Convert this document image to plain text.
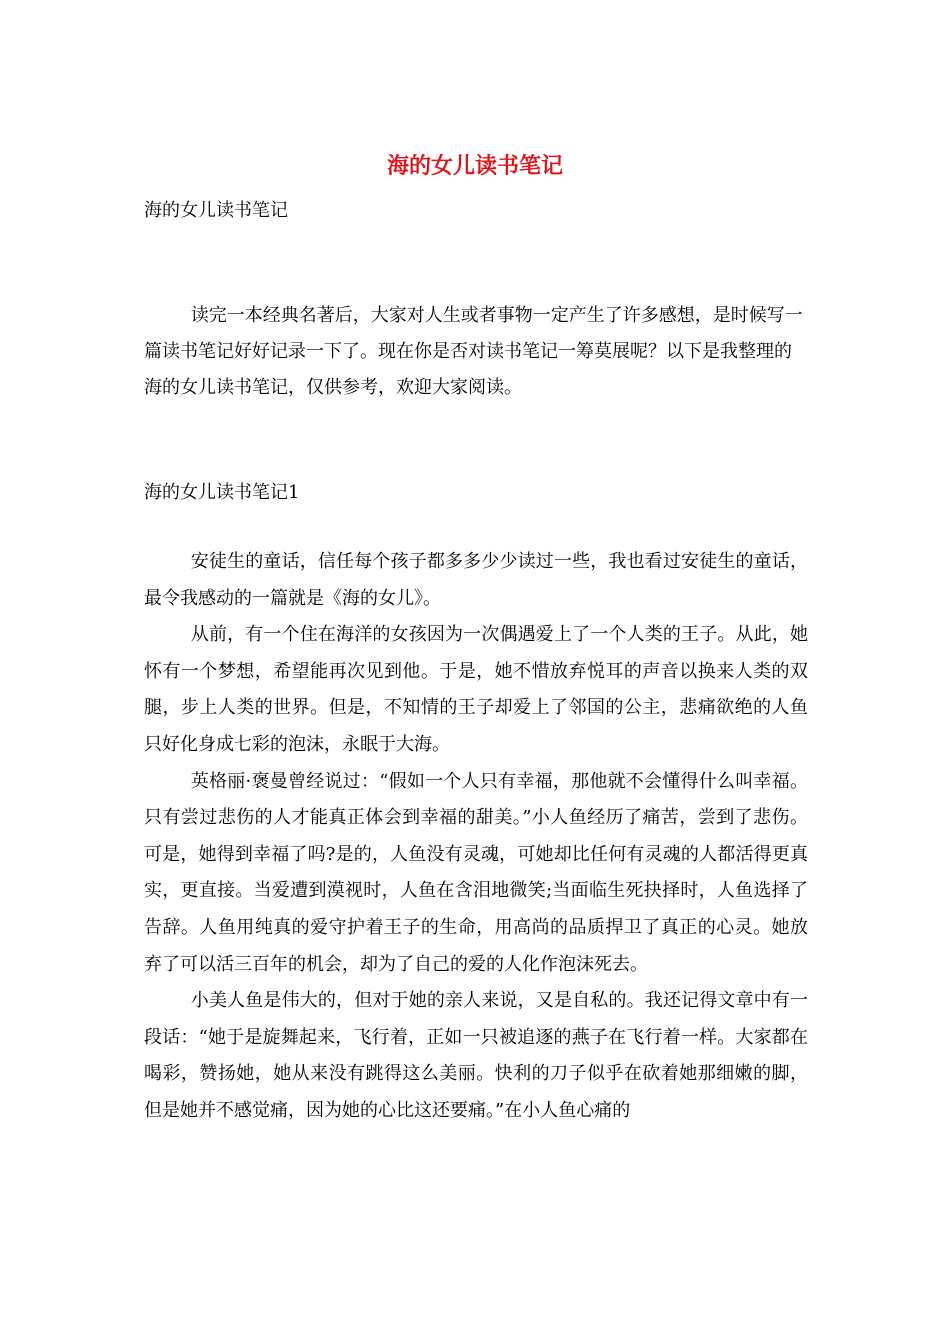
海的女儿读书笔记

海的女儿读书笔记

读完一本经典名著后，大家对人生或者事物一定产生了许多感想，是时候写一篇读书笔记好好记录一下了。现在你是否对读书笔记一筹莫展呢？以下是我整理的海的女儿读书笔记，仅供参考，欢迎大家阅读。

海的女儿读书笔记1

安徒生的童话，信任每个孩子都多多少少读过一些，我也看过安徒生的童话，最令我感动的一篇就是《海的女儿》。

从前，有一个住在海洋的女孩因为一次偶遇爱上了一个人类的王子。从此，她怀有一个梦想，希望能再次见到他。于是，她不惜放弃悦耳的声音以换来人类的双腿，步上人类的世界。但是，不知情的王子却爱上了邻国的公主，悲痛欲绝的人鱼只好化身成七彩的泡沫，永眠于大海。

英格丽·褒曼曾经说过：“假如一个人只有幸福，那他就不会懂得什么叫幸福。只有尝过悲伤的人才能真正体会到幸福的甜美。”小人鱼经历了痛苦，尝到了悲伤。可是，她得到幸福了吗?是的，人鱼没有灵魂，可她却比任何有灵魂的人都活得更真实，更直接。当爱遭到漠视时，人鱼在含泪地微笑;当面临生死抉择时，人鱼选择了告辞。人鱼用纯真的爱守护着王子的生命，用高尚的品质捍卫了真正的心灵。她放弃了可以活三百年的机会，却为了自己的爱的人化作泡沫死去。

小美人鱼是伟大的，但对于她的亲人来说，又是自私的。我还记得文章中有一段话：“她于是旋舞起来，飞行着，正如一只被追逐的燕子在飞行着一样。大家都在喝彩，赞扬她，她从来没有跳得这么美丽。快利的刀子似乎在砍着她那细嫩的脚，但是她并不感觉痛，因为她的心比这还要痛。”在小人鱼心痛的
